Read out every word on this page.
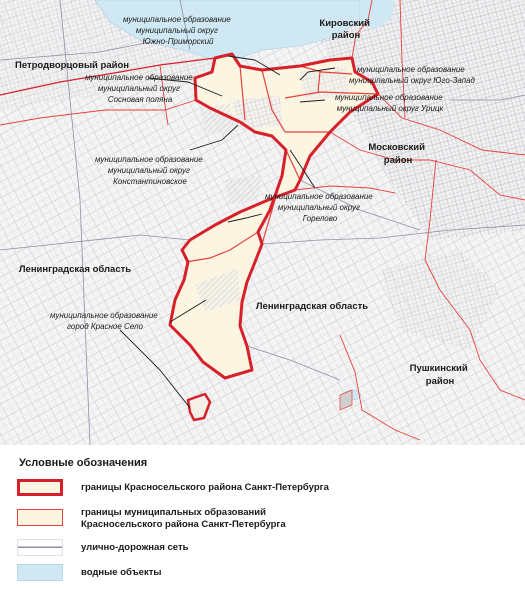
Кировский район
Петродворцовый район
Московский район
Ленинградская область
Ленинградская область
Пушкинский район
муниципальное образование муниципальный округ Южно-Приморский
муниципальное образование муниципальный округ Сосновая поляна
муниципальное образование муниципальный округ Юго-Запад
муниципальное образование муниципальный округ Урицк
муниципальное образование муниципальный округ Константиновское
муниципальное образование муниципальный округ Горелово
муниципальное образование город Красное Село
Условные обозначения
границы Красносельского района Санкт-Петербурга
границы муниципальных образований
Красносельского района Санкт-Петербурга
улично-дорожная сеть
водные объекты
